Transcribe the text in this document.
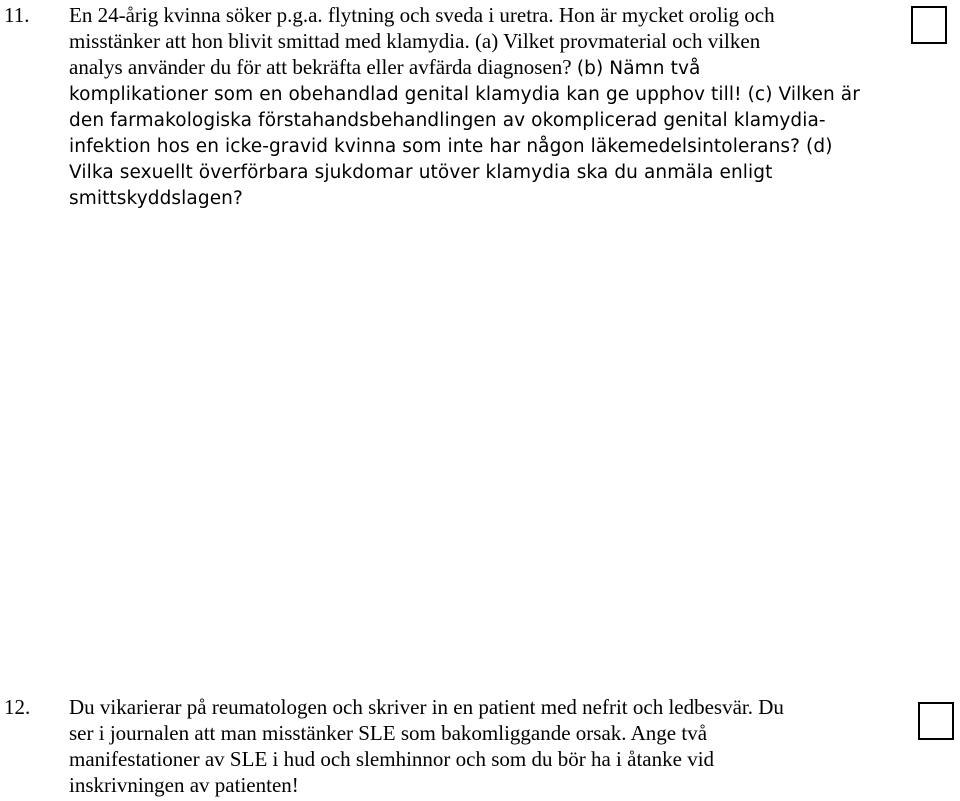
11. En 24-årig kvinna söker p.g.a. flytning och sveda i uretra. Hon är mycket orolig och
misstänker att hon blivit smittad med klamydia. (a) Vilket provmaterial och vilken
analys använder du för att bekräfta eller avfärda diagnosen? (b) Nämn två
komplikationer som en obehandlad genital klamydia kan ge upphov till! (c) Vilken är
den farmakologiska förstahandsbehandlingen av okomplicerad genital klamydia-
infektion hos en icke-gravid kvinna som inte har någon läkemedelsintolerans? (d)
Vilka sexuellt överförbara sjukdomar utöver klamydia ska du anmäla enligt
smittskyddslagen?
12. Du vikarierar på reumatologen och skriver in en patient med nefrit och ledbesvär. Du
ser i journalen att man misstänker SLE som bakomliggande orsak. Ange två
manifestationer av SLE i hud och slemhinnor och som du bör ha i åtanke vid
inskrivningen av patienten!
